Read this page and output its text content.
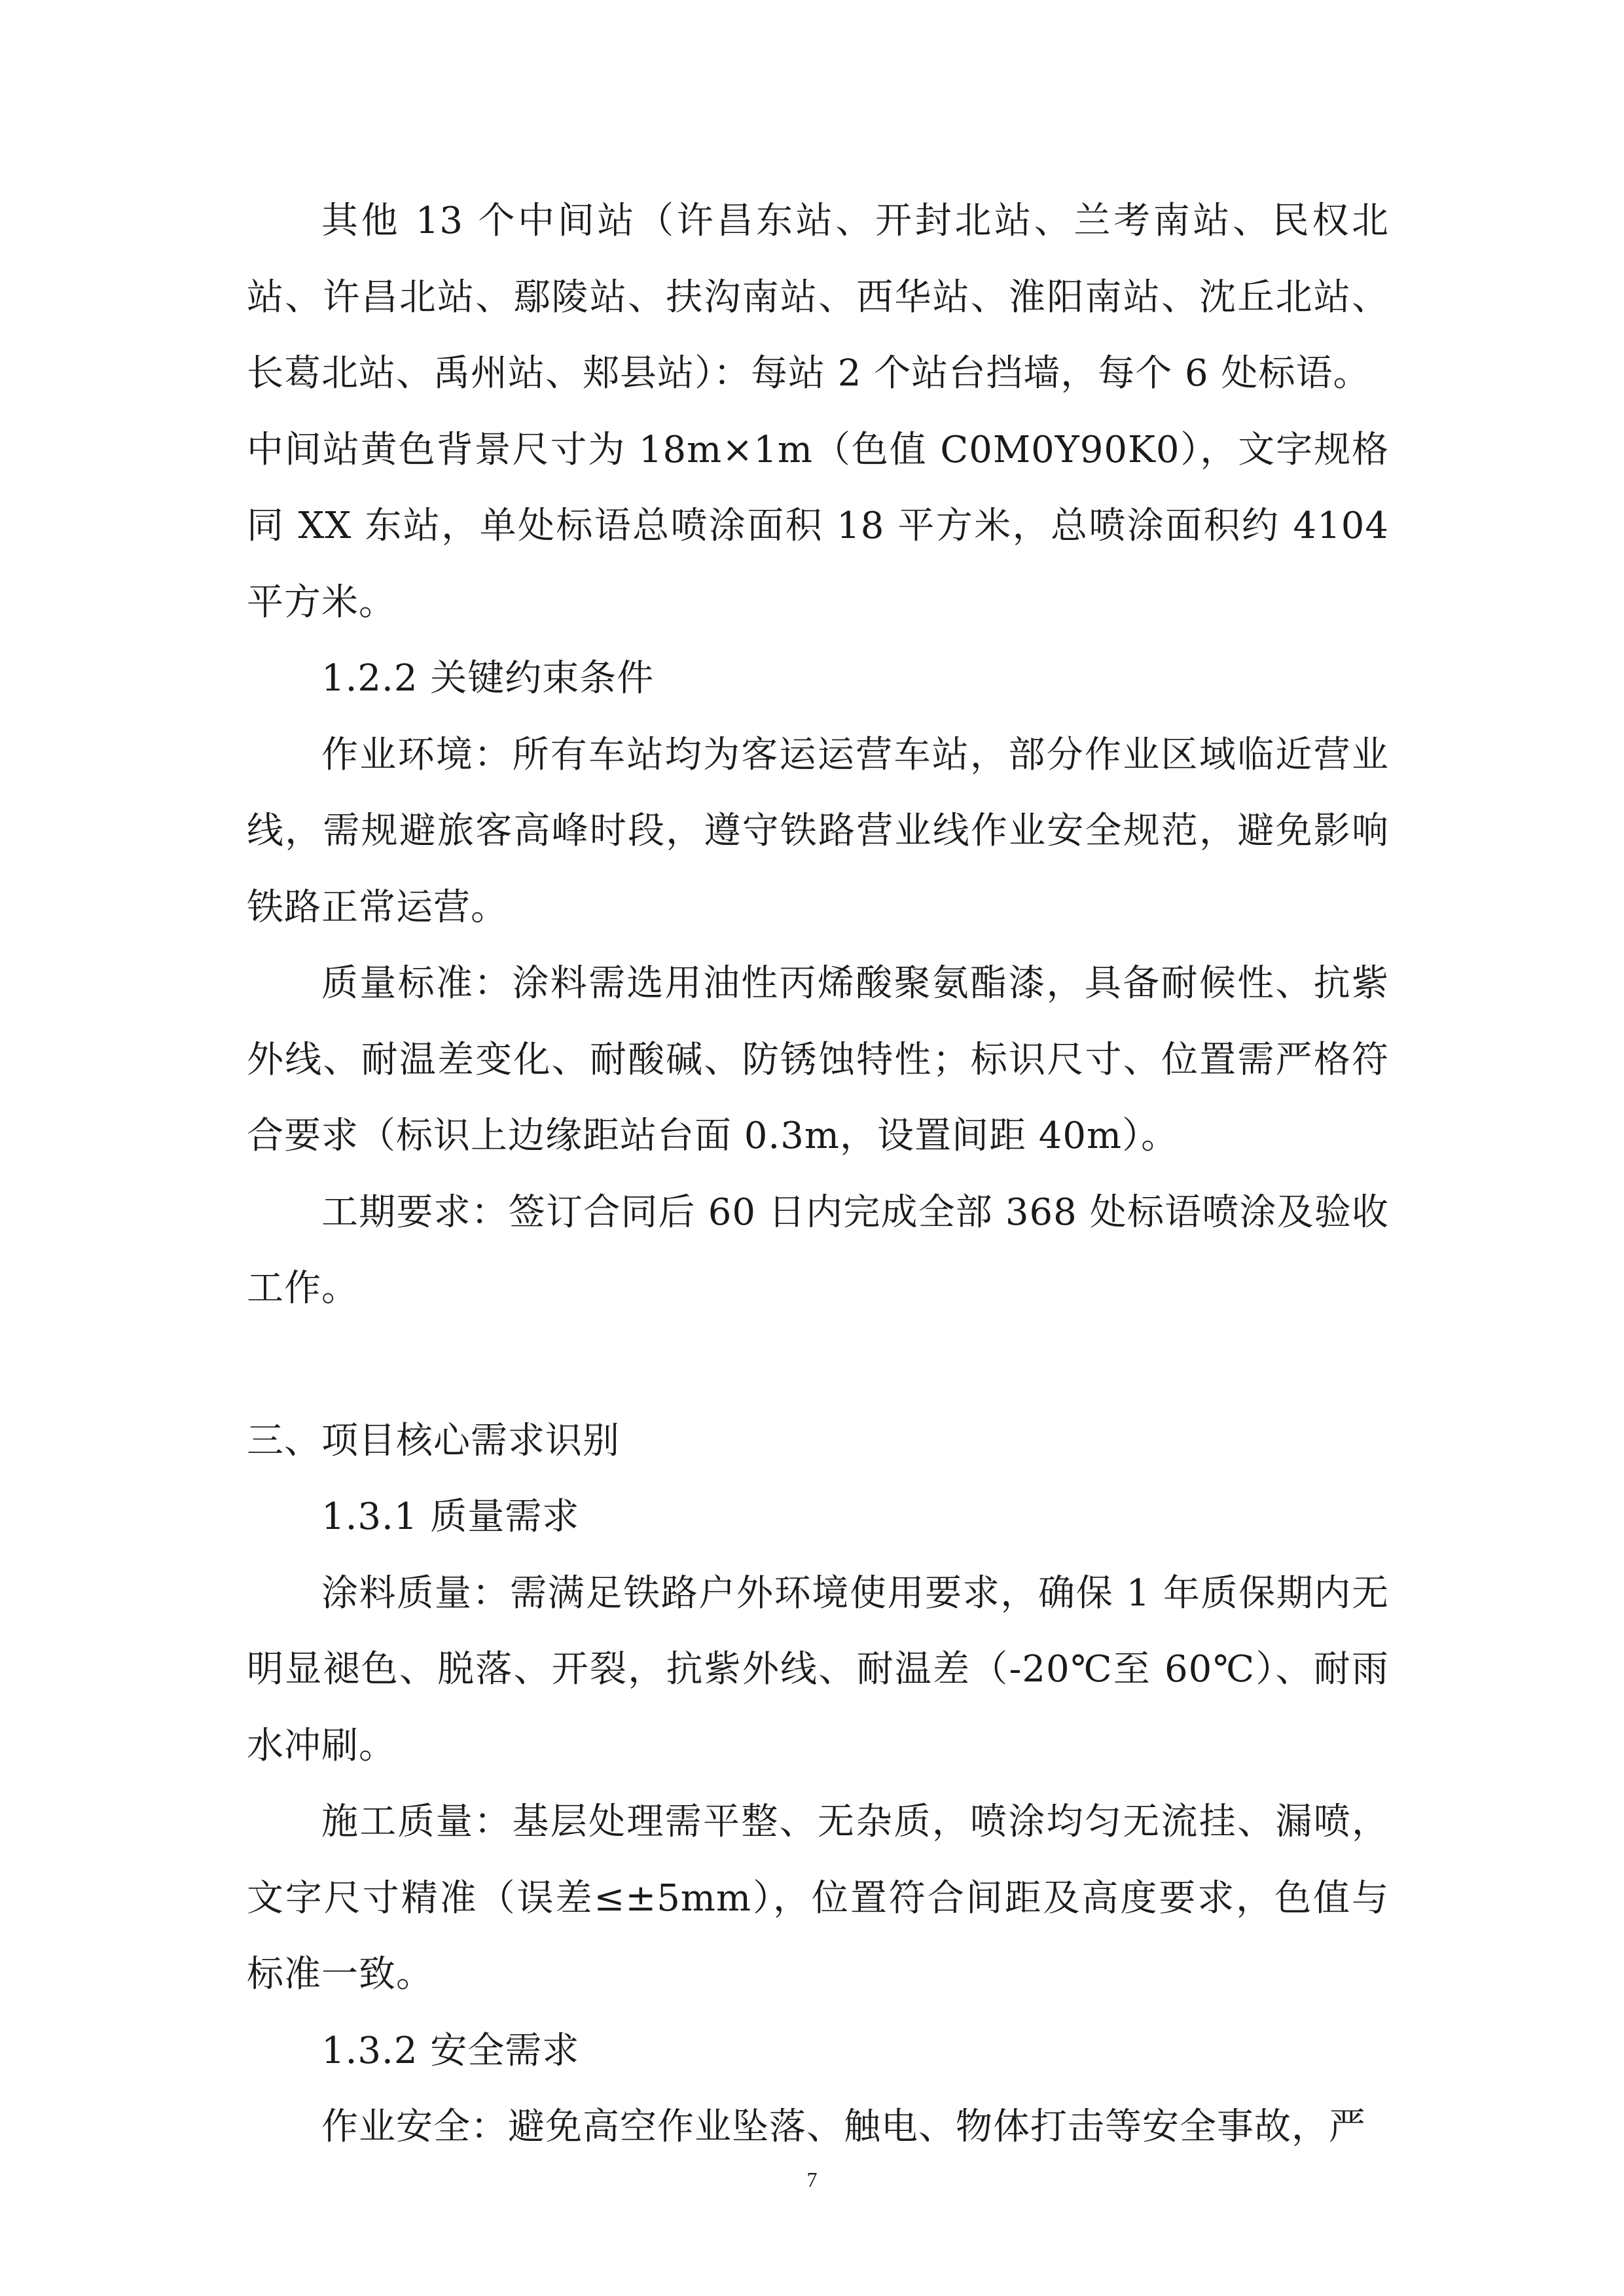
其他 13 个中间站（许昌东站、开封北站、兰考南站、民权北站、许昌北站、鄢陵站、扶沟南站、西华站、淮阳南站、沈丘北站、长葛北站、禹州站、郏县站）：每站 2 个站台挡墙，每个 6 处标语。

中间站黄色背景尺寸为 18m×1m（色值 C0M0Y90K0），文字规格同 XX 东站，单处标语总喷涂面积 18 平方米，总喷涂面积约 4104 平方米。

1.2.2 关键约束条件

作业环境：所有车站均为客运运营车站，部分作业区域临近营业线，需规避旅客高峰时段，遵守铁路营业线作业安全规范，避免影响铁路正常运营。

质量标准：涂料需选用油性丙烯酸聚氨酯漆，具备耐候性、抗紫外线、耐温差变化、耐酸碱、防锈蚀特性；标识尺寸、位置需严格符合要求（标识上边缘距站台面 0.3m，设置间距 40m）。

工期要求：签订合同后 60 日内完成全部 368 处标语喷涂及验收工作。

三、项目核心需求识别

1.3.1 质量需求

涂料质量：需满足铁路户外环境使用要求，确保 1 年质保期内无明显褪色、脱落、开裂，抗紫外线、耐温差（-20℃至 60℃）、耐雨水冲刷。

施工质量：基层处理需平整、无杂质，喷涂均匀无流挂、漏喷，文字尺寸精准（误差≤±5mm），位置符合间距及高度要求，色值与标准一致。

1.3.2 安全需求

作业安全：避免高空作业坠落、触电、物体打击等安全事故，严

7
